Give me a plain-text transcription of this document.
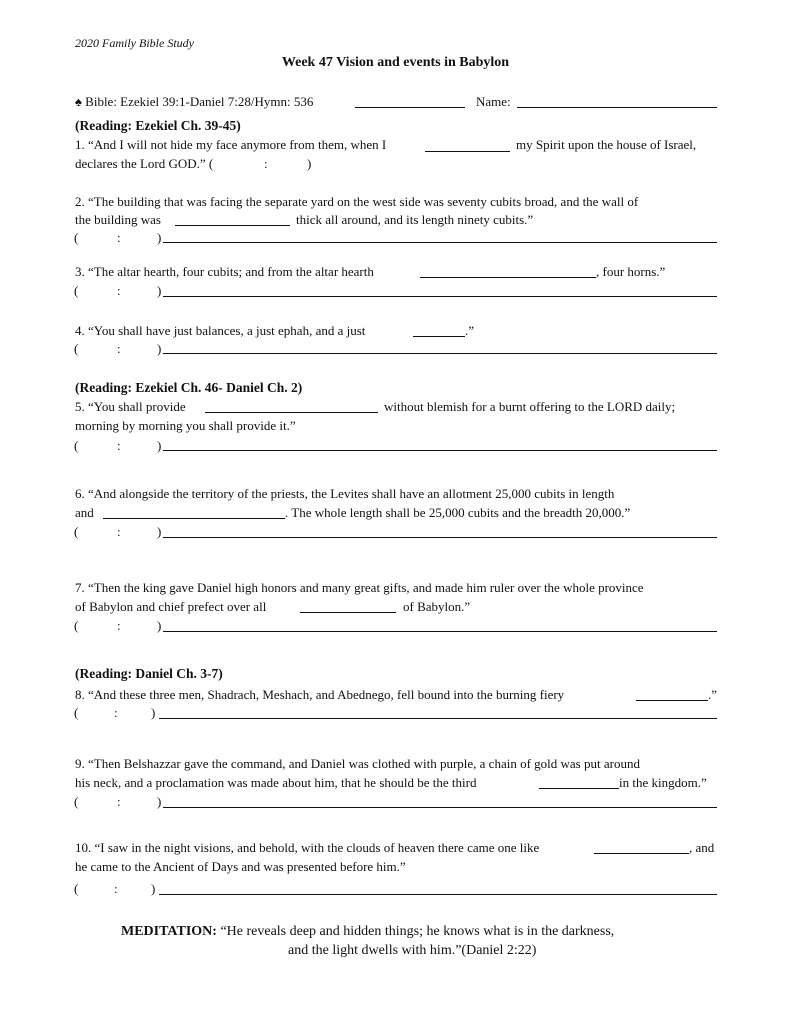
2020 Family Bible Study
Week 47 Vision and events in Babylon
♠ Bible: Ezekiel 39:1-Daniel 7:28/Hymn: 536	Name:
(Reading: Ezekiel Ch. 39-45)
1. “And I will not hide my face anymore from them, when I	my Spirit upon the house of Israel,
declares the Lord GOD.” (	:	)
2. “The building that was facing the separate yard on the west side was seventy cubits broad, and the wall of
the building was	thick all around, and its length ninety cubits.”
(	:	)
3. “The altar hearth, four cubits; and from the altar hearth	, four horns.”
(	:	)
4. “You shall have just balances, a just ephah, and a just	.”
(	:	)
(Reading: Ezekiel Ch. 46- Daniel Ch. 2)
5. “You shall provide	without blemish for a burnt offering to the LORD daily;
morning by morning you shall provide it.”
(	:	)
6. “And alongside the territory of the priests, the Levites shall have an allotment 25,000 cubits in length
and	. The whole length shall be 25,000 cubits and the breadth 20,000.”
(	:	)
7. “Then the king gave Daniel high honors and many great gifts, and made him ruler over the whole province
of Babylon and chief prefect over all	of Babylon.”
(	:	)
(Reading: Daniel Ch. 3-7)
8. “And these three men, Shadrach, Meshach, and Abednego, fell bound into the burning fiery	.”
(	:	)
9. “Then Belshazzar gave the command, and Daniel was clothed with purple, a chain of gold was put around
his neck, and a proclamation was made about him, that he should be the third	in the kingdom.”
(	:	)
10. “I saw in the night visions, and behold, with the clouds of heaven there came one like	, and
he came to the Ancient of Days and was presented before him.”
(	:	)
MEDITATION: “He reveals deep and hidden things; he knows what is in the darkness,
and the light dwells with him.”(Daniel 2:22)
